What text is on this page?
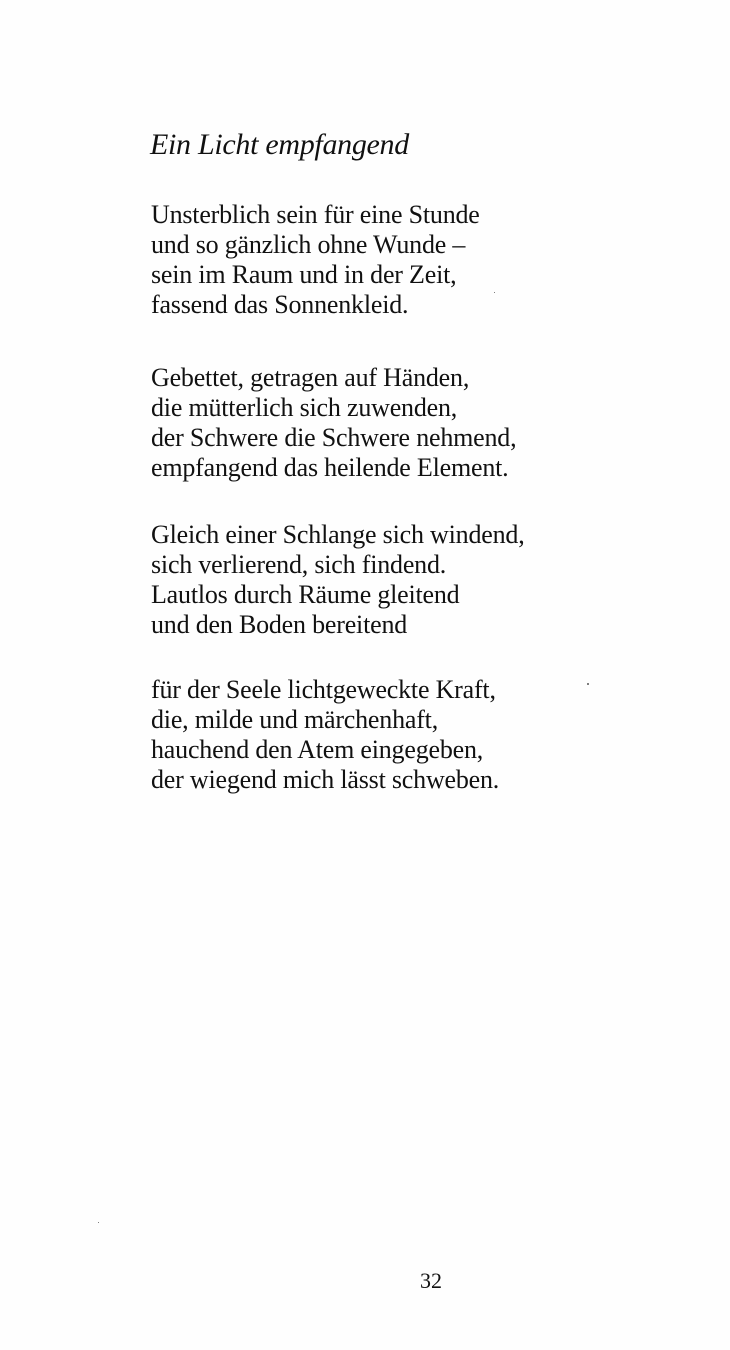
Ein Licht empfangend
Unsterblich sein für eine Stunde
und so gänzlich ohne Wunde –
sein im Raum und in der Zeit,
fassend das Sonnenkleid.
Gebettet, getragen auf Händen,
die mütterlich sich zuwenden,
der Schwere die Schwere nehmend,
empfangend das heilende Element.
Gleich einer Schlange sich windend,
sich verlierend, sich findend.
Lautlos durch Räume gleitend
und den Boden bereitend
für der Seele lichtgeweckte Kraft,
die, milde und märchenhaft,
hauchend den Atem eingegeben,
der wiegend mich lässt schweben.
32
